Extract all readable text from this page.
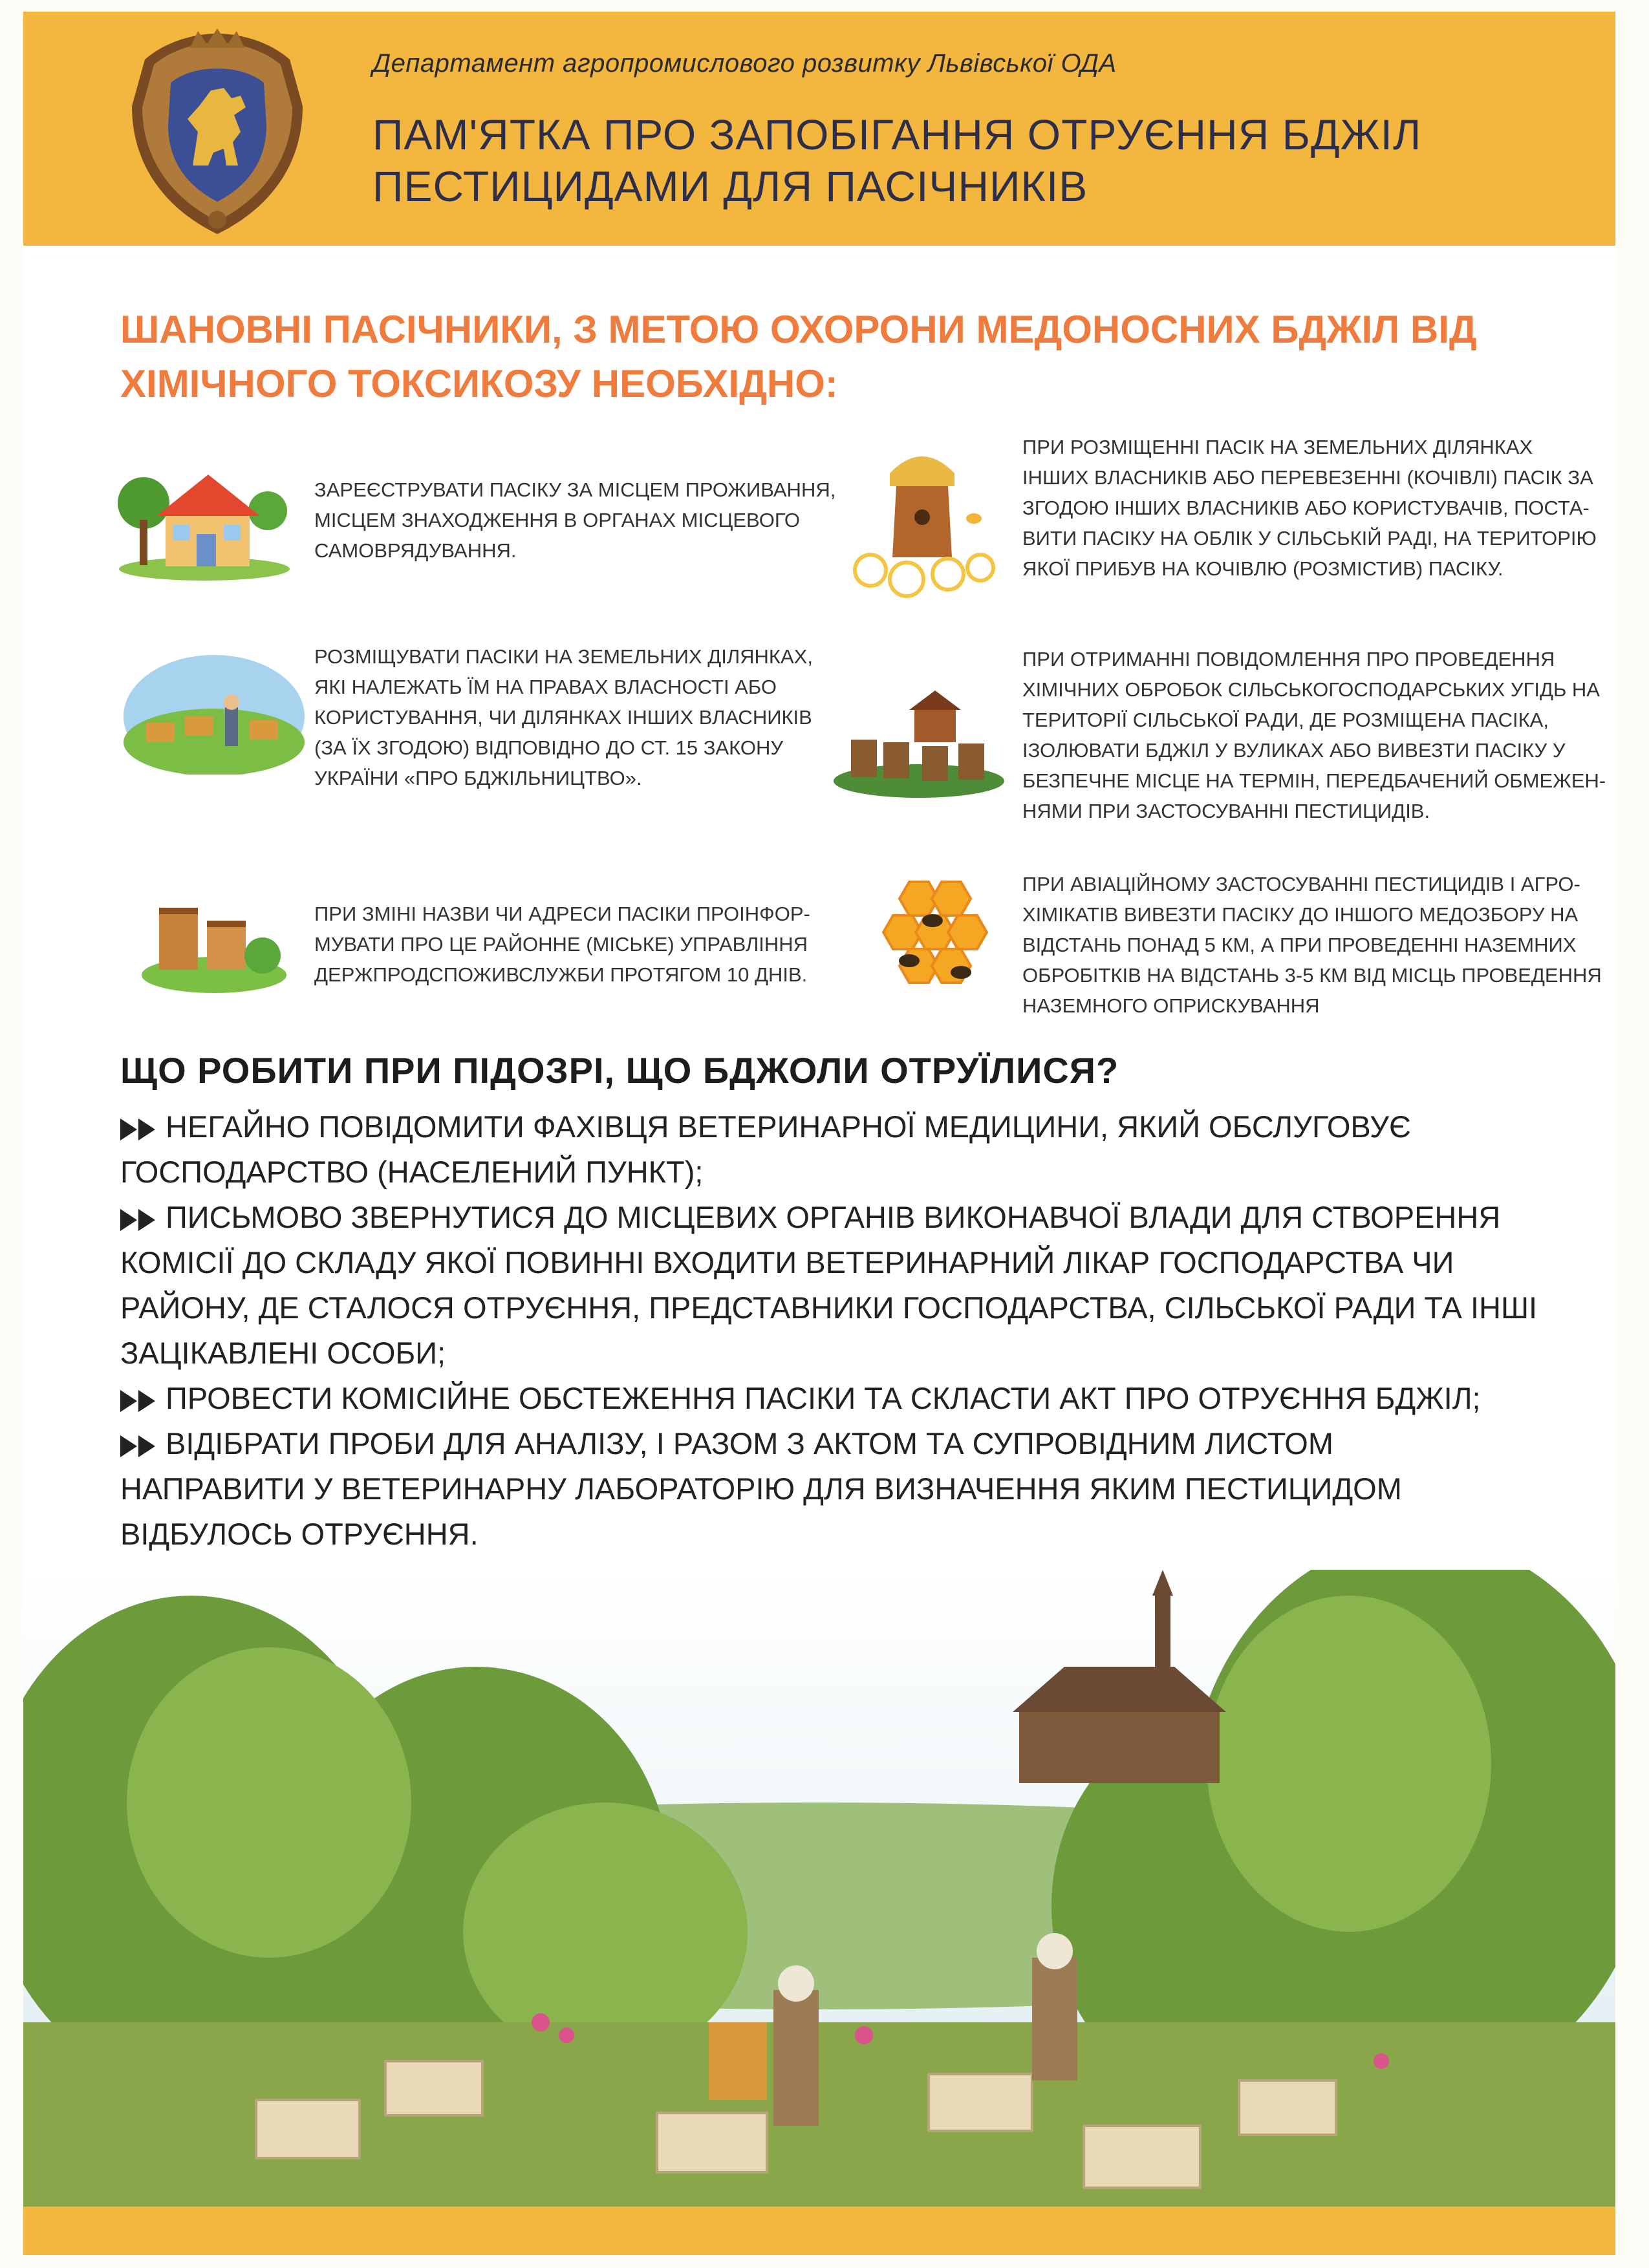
Департамент агропромислового розвитку Львівської ОДА
ПАМ'ЯТКА ПРО ЗАПОБІГАННЯ ОТРУЄННЯ БДЖІЛ
ПЕСТИЦИДАМИ ДЛЯ ПАСІЧНИКІВ
ШАНОВНІ ПАСІЧНИКИ, З МЕТОЮ ОХОРОНИ МЕДОНОСНИХ БДЖІЛ ВІД
ХІМІЧНОГО ТОКСИКОЗУ НЕОБХІДНО:
ЗАРЕЄСТРУВАТИ ПАСІКУ ЗА МІСЦЕМ ПРОЖИВАННЯ,
МІСЦЕМ ЗНАХОДЖЕННЯ В ОРГАНАХ МІСЦЕВОГО
САМОВРЯДУВАННЯ.
ПРИ РОЗМІЩЕННІ ПАСІК НА ЗЕМЕЛЬНИХ ДІЛЯНКАХ
ІНШИХ ВЛАСНИКІВ АБО ПЕРЕВЕЗЕННІ (КОЧІВЛІ) ПАСІК ЗА
ЗГОДОЮ ІНШИХ ВЛАСНИКІВ АБО КОРИСТУВАЧІВ, ПОСТА-
ВИТИ ПАСІКУ НА ОБЛІК У СІЛЬСЬКІЙ РАДІ, НА ТЕРИТОРІЮ
ЯКОЇ ПРИБУВ НА КОЧІВЛЮ (РОЗМІСТИВ) ПАСІКУ.
РОЗМІЩУВАТИ ПАСІКИ НА ЗЕМЕЛЬНИХ ДІЛЯНКАХ,
ЯКІ НАЛЕЖАТЬ ЇМ НА ПРАВАХ ВЛАСНОСТІ АБО
КОРИСТУВАННЯ, ЧИ ДІЛЯНКАХ ІНШИХ ВЛАСНИКІВ
(ЗА ЇХ ЗГОДОЮ) ВІДПОВІДНО ДО СТ. 15 ЗАКОНУ
УКРАЇНИ «ПРО БДЖІЛЬНИЦТВО».
ПРИ ОТРИМАННІ ПОВІДОМЛЕННЯ ПРО ПРОВЕДЕННЯ
ХІМІЧНИХ ОБРОБОК СІЛЬСЬКОГОСПОДАРСЬКИХ УГІДЬ НА
ТЕРИТОРІЇ СІЛЬСЬКОЇ РАДИ, ДЕ РОЗМІЩЕНА ПАСІКА,
ІЗОЛЮВАТИ БДЖІЛ У ВУЛИКАХ АБО ВИВЕЗТИ ПАСІКУ У
БЕЗПЕЧНЕ МІСЦЕ НА ТЕРМІН, ПЕРЕДБАЧЕНИЙ ОБМЕЖЕН-
НЯМИ ПРИ ЗАСТОСУВАННІ ПЕСТИЦИДІВ.
ПРИ ЗМІНІ НАЗВИ ЧИ АДРЕСИ ПАСІКИ ПРОІНФОР-
МУВАТИ ПРО ЦЕ РАЙОННЕ (МІСЬКЕ) УПРАВЛІННЯ
ДЕРЖПРОДСПОЖИВСЛУЖБИ ПРОТЯГОМ 10 ДНІВ.
ПРИ АВІАЦІЙНОМУ ЗАСТОСУВАННІ ПЕСТИЦИДІВ І АГРО-
ХІМІКАТІВ ВИВЕЗТИ ПАСІКУ ДО ІНШОГО МЕДОЗБОРУ НА
ВІДСТАНЬ ПОНАД 5 КМ, А ПРИ ПРОВЕДЕННІ НАЗЕМНИХ
ОБРОБІТКІВ НА ВІДСТАНЬ 3-5 КМ ВІД МІСЦЬ ПРОВЕДЕННЯ
НАЗЕМНОГО ОПРИСКУВАННЯ
ЩО РОБИТИ ПРИ ПІДОЗРІ, ЩО БДЖОЛИ ОТРУЇЛИСЯ?
НЕГАЙНО ПОВІДОМИТИ ФАХІВЦЯ ВЕТЕРИНАРНОЇ МЕДИЦИНИ, ЯКИЙ ОБСЛУГОВУЄ
ГОСПОДАРСТВО (НАСЕЛЕНИЙ ПУНКТ);
ПИСЬМОВО ЗВЕРНУТИСЯ ДО МІСЦЕВИХ ОРГАНІВ ВИКОНАВЧОЇ ВЛАДИ ДЛЯ СТВОРЕННЯ
КОМІСІЇ ДО СКЛАДУ ЯКОЇ ПОВИННІ ВХОДИТИ ВЕТЕРИНАРНИЙ ЛІКАР ГОСПОДАРСТВА ЧИ
РАЙОНУ, ДЕ СТАЛОСЯ ОТРУЄННЯ, ПРЕДСТАВНИКИ ГОСПОДАРСТВА, СІЛЬСЬКОЇ РАДИ ТА ІНШІ
ЗАЦІКАВЛЕНІ ОСОБИ;
ПРОВЕСТИ КОМІСІЙНЕ ОБСТЕЖЕННЯ ПАСІКИ ТА СКЛАСТИ АКТ ПРО ОТРУЄННЯ БДЖІЛ;
ВІДІБРАТИ ПРОБИ ДЛЯ АНАЛІЗУ, І РАЗОМ З АКТОМ ТА СУПРОВІДНИМ ЛИСТОМ
НАПРАВИТИ У ВЕТЕРИНАРНУ ЛАБОРАТОРІЮ ДЛЯ ВИЗНАЧЕННЯ ЯКИМ ПЕСТИЦИДОМ
ВІДБУЛОСЬ ОТРУЄННЯ.
